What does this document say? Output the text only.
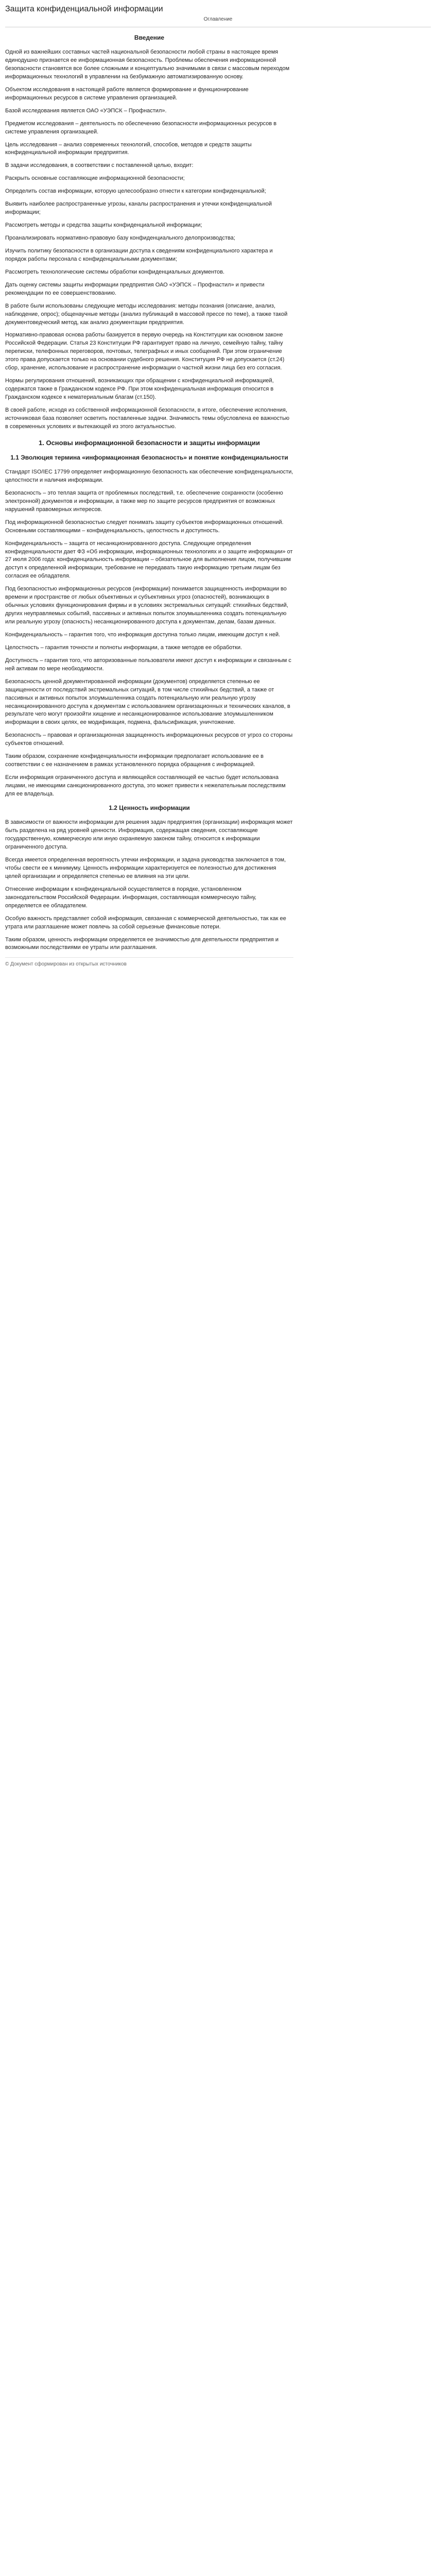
Защита конфиденциальной информации
Оглавление
Введение

Одной из важнейших составных частей национальной безопасности любой страны в настоящее время единодушно признается ее информационная безопасность. Проблемы обеспечения информационной безопасности становятся все более сложными и концептуально значимыми в связи с массовым переходом информационных технологий в управлении на безбумажную автоматизированную основу.

Объектом исследования в настоящей работе является формирование и функционирование информационных ресурсов в системе управления организацией.

Базой исследования является ОАО «УЭПСК – Профнастил».

Предметом исследования – деятельность по обеспечению безопасности информационных ресурсов в системе управления организацией.

Цель исследования – анализ современных технологий, способов, методов и средств защиты конфиденциальной информации предприятия.

В задачи исследования, в соответствии с поставленной целью, входит:

Раскрыть основные составляющие информационной безопасности;

Определить состав информации, которую целесообразно отнести к категории конфиденциальной;

Выявить наиболее распространенные угрозы, каналы распространения и утечки конфиденциальной информации;

Рассмотреть методы и средства защиты конфиденциальной информации;

Проанализировать нормативно-правовую базу конфиденциального делопроизводства;

Изучить политику безопасности в организации доступа к сведениям конфиденциального характера и порядок работы персонала с конфиденциальными документами;

Рассмотреть технологические системы обработки конфиденциальных документов.

Дать оценку системы защиты информации предприятия ОАО «УЭПСК – Профнастил» и привести рекомендации по ее совершенствованию.

В работе были использованы следующие методы исследования: методы познания (описание, анализ, наблюдение, опрос); общенаучные методы (анализ публикаций в массовой прессе по теме), а также такой документоведческий метод, как анализ документации предприятия.

Нормативно-правовая основа работы базируется в первую очередь на Конституции как основном законе Российской Федерации. Статья 23 Конституции РФ гарантирует право на личную, семейную тайну, тайну переписки, телефонных переговоров, почтовых, телеграфных и иных сообщений. При этом ограничение этого права допускается только на основании судебного решения. Конституция РФ не допускается (ст.24) сбор, хранение, использование и распространение информации о частной жизни лица без его согласия.

Нормы регулирования отношений, возникающих при обращении с конфиденциальной информацией, содержатся также в Гражданском кодексе РФ. При этом конфиденциальная информация относится в Гражданском кодексе к нематериальным благам (ст.150).

В своей работе, исходя из собственной информационной безопасности, в итоге, обеспечение исполнения, источниковая база позволяет осветить поставленные задачи. Значимость темы обусловлена ее важностью в современных условиях и вытекающей из этого актуальностью.

1. Основы информационной безопасности и защиты информации
1.1 Эволюция термина «информационная безопасность» и понятие конфиденциальности

Стандарт ISO/IEC 17799 определяет информационную безопасность как обеспечение конфиденциальности, целостности и наличия информации.

Безопасность – это теплая защита от проблемных последствий, т.е. обеспечение сохранности (особенно электронной) документов и информации, а также мер по защите ресурсов предприятия от возможных нарушений правомерных интересов.

Под информационной безопасностью следует понимать защиту субъектов информационных отношений. Основными составляющими – конфиденциальность, целостность и доступность.

Конфиденциальность – защита от несанкционированного доступа. Следующие определения конфиденциальности дает ФЗ «Об информации, информационных технологиях и о защите информации» от 27 июля 2006 года: конфиденциальность информации – обязательное для выполнения лицом, получившим доступ к определенной информации, требование не передавать такую информацию третьим лицам без согласия ее обладателя.

Под безопасностью информационных ресурсов (информации) понимается защищенность информации во времени и пространстве от любых объективных и субъективных угроз (опасностей), возникающих в обычных условиях функционирования фирмы и в условиях экстремальных ситуаций: стихийных бедствий, других неуправляемых событий, пассивных и активных попыток злоумышленника создать потенциальную или реальную угрозу (опасность) несанкционированного доступа к документам, делам, базам данных.

Конфиденциальность – гарантия того, что информация доступна только лицам, имеющим доступ к ней.

Целостность – гарантия точности и полноты информации, а также методов ее обработки.

Доступность – гарантия того, что авторизованные пользователи имеют доступ к информации и связанным с ней активам по мере необходимости.

Безопасность ценной документированной информации (документов) определяется степенью ее защищенности от последствий экстремальных ситуаций, в том числе стихийных бедствий, а также от пассивных и активных попыток злоумышленника создать потенциальную или реальную угрозу несанкционированного доступа к документам с использованием организационных и технических каналов, в результате чего могут произойти хищение и несанкционированное использование злоумышленником информации в своих целях, ее модификация, подмена, фальсификация, уничтожение.

Безопасность – правовая и организационная защищенность информационных ресурсов от угроз со стороны субъектов отношений.

Таким образом, сохранение конфиденциальности информации предполагает использование ее в соответствии с ее назначением в рамках установленного порядка обращения с информацией.

Если информация ограниченного доступа и являющейся составляющей ее частью будет использована лицами, не имеющими санкционированного доступа, это может привести к нежелательным последствиям для ее владельца.

1.2 Ценность информации

В зависимости от важности информации для решения задач предприятия (организации) информация может быть разделена на ряд уровней ценности. Информация, содержащая сведения, составляющие государственную, коммерческую или иную охраняемую законом тайну, относится к информации ограниченного доступа.

Всегда имеется определенная вероятность утечки информации, и задача руководства заключается в том, чтобы свести ее к минимуму. Ценность информации характеризуется ее полезностью для достижения целей организации и определяется степенью ее влияния на эти цели.

Отнесение информации к конфиденциальной осуществляется в порядке, установленном законодательством Российской Федерации. Информация, составляющая коммерческую тайну, определяется ее обладателем.

Особую важность представляет собой информация, связанная с коммерческой деятельностью, так как ее утрата или разглашение может повлечь за собой серьезные финансовые потери.

Таким образом, ценность информации определяется ее значимостью для деятельности предприятия и возможными последствиями ее утраты или разглашения.

© Документ сформирован из открытых источников
